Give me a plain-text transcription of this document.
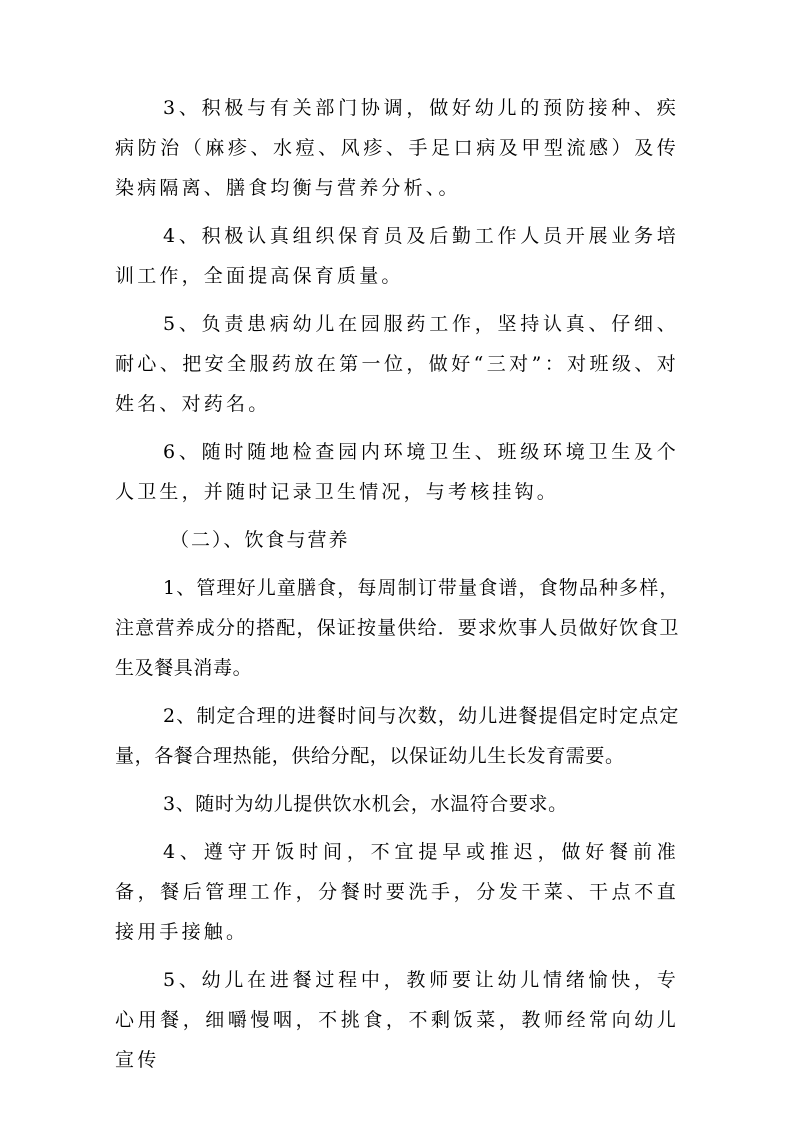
3、积极与有关部门协调，做好幼儿的预防接种、疾病防治（麻疹、水痘、风疹、手足口病及甲型流感）及传染病隔离、膳食均衡与营养分析、。

4、积极认真组织保育员及后勤工作人员开展业务培训工作，全面提高保育质量。

5、负责患病幼儿在园服药工作，坚持认真、仔细、耐心、把安全服药放在第一位，做好“三对”：对班级、对姓名、对药名。

6、随时随地检查园内环境卫生、班级环境卫生及个人卫生，并随时记录卫生情况，与考核挂钩。

（二）、饮食与营养

1、管理好儿童膳食，每周制订带量食谱，食物品种多样，注意营养成分的搭配，保证按量供给．要求炊事人员做好饮食卫生及餐具消毒。

2、制定合理的进餐时间与次数，幼儿进餐提倡定时定点定量，各餐合理热能，供给分配，以保证幼儿生长发育需要。

3、随时为幼儿提供饮水机会，水温符合要求。

4、遵守开饭时间，不宜提早或推迟，做好餐前准备，餐后管理工作，分餐时要洗手，分发干菜、干点不直接用手接触。

5、幼儿在进餐过程中，教师要让幼儿情绪愉快，专心用餐，细嚼慢咽，不挑食，不剩饭菜，教师经常向幼儿宣传
